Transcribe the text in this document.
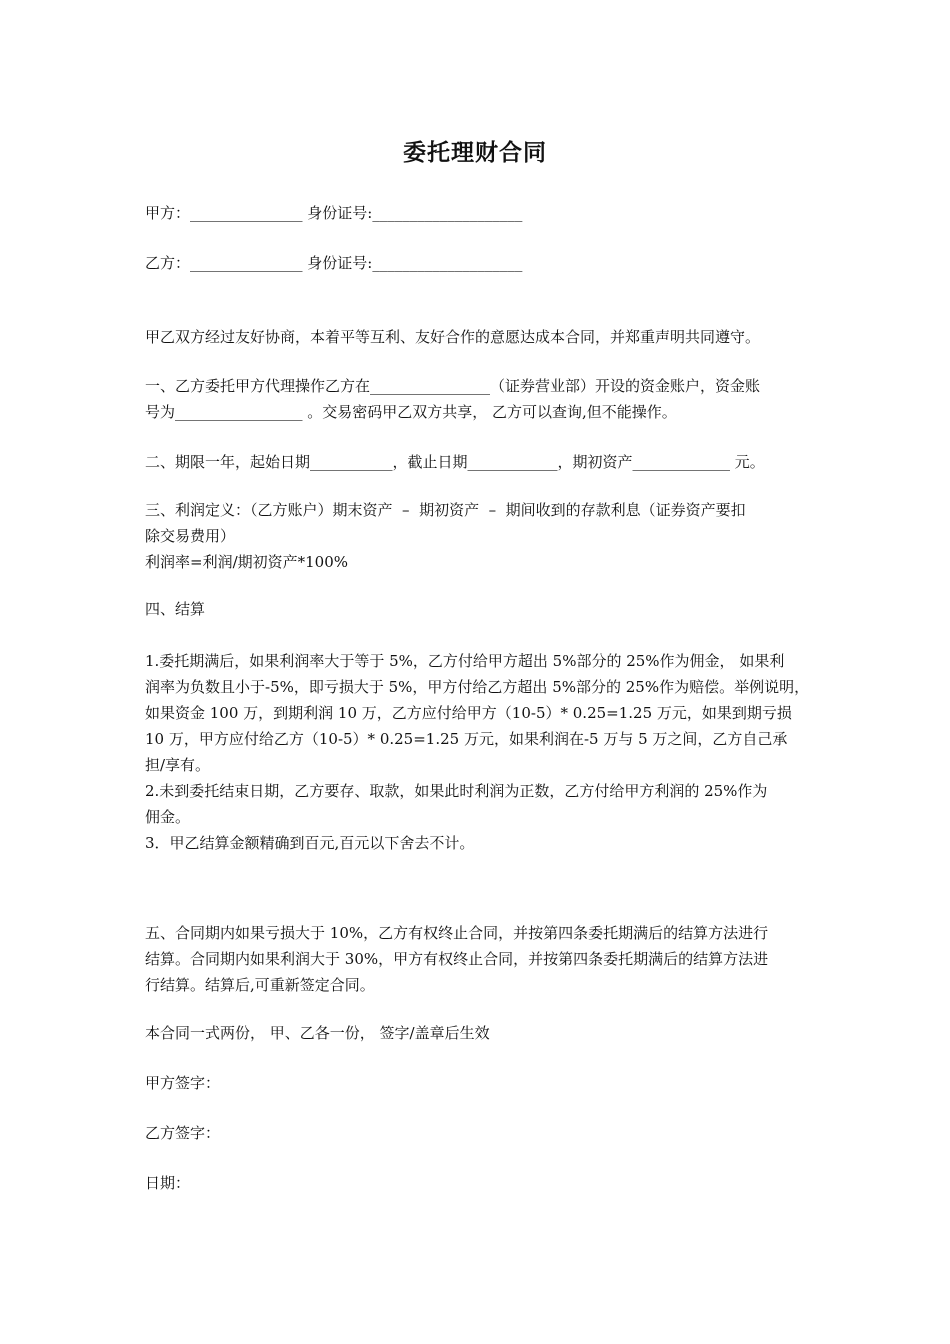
委托理财合同
甲方：_______________ 身份证号:____________________
乙方：_______________ 身份证号:____________________
甲乙双方经过友好协商，本着平等互利、友好合作的意愿达成本合同，并郑重声明共同遵守。
一、乙方委托甲方代理操作乙方在________________（证券营业部）开设的资金账户，资金账
号为_________________ 。交易密码甲乙双方共享， 乙方可以查询,但不能操作。
二、期限一年，起始日期___________，截止日期____________，期初资产_____________ 元。
三、利润定义：（乙方账户）期末资产  –  期初资产  –  期间收到的存款利息（证券资产要扣
除交易费用）
利润率=利润/期初资产*100%
四、结算
1.委托期满后，如果利润率大于等于 5%，乙方付给甲方超出 5%部分的 25%作为佣金， 如果利
润率为负数且小于-5%，即亏损大于 5%，甲方付给乙方超出 5%部分的 25%作为赔偿。举例说明，
如果资金 100 万，到期利润 10 万，乙方应付给甲方（10-5）* 0.25=1.25 万元，如果到期亏损
10 万，甲方应付给乙方（10-5）* 0.25=1.25 万元，如果利润在-5 万与 5 万之间，乙方自己承
担/享有。
2.未到委托结束日期，乙方要存、取款，如果此时利润为正数，乙方付给甲方利润的 25%作为
佣金。
3．甲乙结算金额精确到百元,百元以下舍去不计。
五、合同期内如果亏损大于 10%，乙方有权终止合同，并按第四条委托期满后的结算方法进行
结算。合同期内如果利润大于 30%，甲方有权终止合同，并按第四条委托期满后的结算方法进
行结算。结算后,可重新签定合同。
本合同一式两份， 甲、乙各一份， 签字/盖章后生效
甲方签字：
乙方签字：
日期：
